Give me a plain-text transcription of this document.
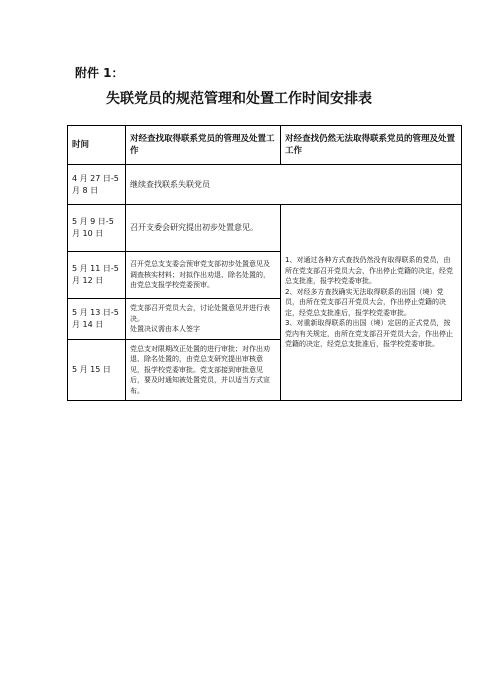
附件 1：
失联党员的规范管理和处置工作时间安排表
时间	对经查找取得联系党员的管理及处置工作	对经查找仍然无法取得联系党员的管理及处置工作
4 月 27 日-5 月 8 日	继续查找联系失联党员	
5 月 9 日-5 月 10 日	召开支委会研究提出初步处置意见。	1、对通过各种方式查找仍然没有取得联系的党员，由所在党支部召开党员大会，作出停止党籍的决定，经党总支批准，报学校党委审批。
2、对经多方查找确实无法取得联系的出国（境）党员，由所在党支部召开党员大会，作出停止党籍的决定，经党总支批准后，报学校党委审批。
3、对重新取得联系的出国（境）定居的正式党员，按党内有关规定，由所在党支部召开党员大会，作出停止党籍的决定，经党总支批准后，报学校党委审批。

5 月 11 日-5 月 12 日	召开党总支支委会预审党支部初步处置意见及调查核实材料；对拟作出劝退、除名处置的，由党总支报学校党委预审。	
5 月 13 日-5 月 14 日	党支部召开党员大会，讨论处置意见并进行表决。
处置决议需由本人签字	

5 月 15 日	党总支对限期改正处置的进行审批；对作出劝退、除名处置的，由党总支研究提出审核意见，报学校党委审批。党支部接到审批意见后，要及时通知被处置党员，并以适当方式宣布。	
